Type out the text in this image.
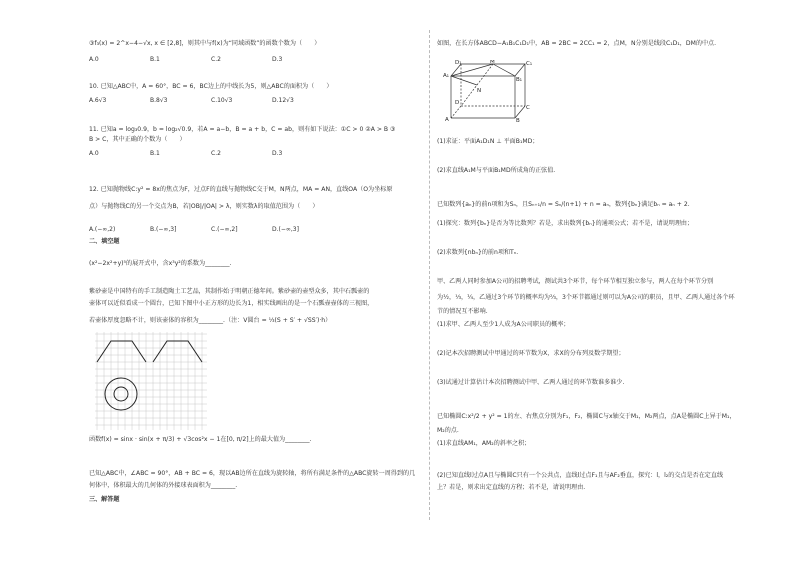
③f₃(x) = 2^x−4−√x, x ∈ [2,8]，则其中与f(x)为“同域函数”的函数个数为（　　）
A.0	B.1	C.2	D.3
10. 已知△ABC中，A = 60°，BC = 6，BC边上的中线长为5，则△ABC的面积为（　　）
A.6√3	B.8√3	C.10√3	D.12√3
11. 已知a = log₃0.9，b = log₂√0.9，若A = a−b，B = a + b，C = ab，则有如下说法：①C > 0 ②A > B ③
B > C，其中正确的个数为（　　）
A.0	B.1	C.2	D.3
12. 已知抛物线C:y² = 8x的焦点为F，过点F的直线与抛物线C交于M，N两点，MA = AN，直线OA（O为坐标原
点）与抛物线C的另一个交点为B，若|OB|/|OA| > λ，则实数λ的取值范围为（　　）
A.(−∞,2)	B.(−∞,3]	C.(−∞,2]	D.(−∞,3]
二、填空题
(x²−2x²+y)⁵的展开式中，含x³y²的系数为________.
紫砂壶是中国特有的手工制造陶土工艺品，其制作始于明朝正德年间。紫砂壶的壶型众多，其中石瓢壶的
壶体可以近似看成一个圆台，已知下图中小正方形的边长为1，相实线画出的是一个石瓢壶壶体的三视图，
若壶体厚度忽略不计，则该壶体的容积为________.（注：V圆台 = ⅓(S + S′ + √SS′)·h）
函数f(x) = sinx · sin(x + π/3) + √3cos²x − 1在[0, π/2]上的最大值为________.
已知△ABC中，∠ABC = 90°，AB + BC = 6，现以AB边所在直线为旋转轴，将所有满足条件的△ABC旋转一周得到的几
何体中，体积最大的几何体的外接球表面积为________.
三、解答题
如图，在长方体ABCD−A₁B₁C₁D₁中，AB = 2BC = 2CC₁ = 2，点M，N分别是线段C₁D₁，DM的中点.
D₁	C₁
A₁
B₁
M
N
D
C
A	B
(1)求证：平面A₁D₁N ⊥ 平面B₁MD；
(2)求直线A₁M与平面B₁MD所成角的正弦值.
已知数列{aₙ}的前n项和为Sₙ，且Sₙ₊₁/n = Sₙ/(n+1) + n = aₙ，数列{bₙ}满足bₙ = aₙ + 2.
(1)探究：数列{bₙ}是否为等比数列？若是，求出数列{bₙ}的通项公式；若不是，请说明理由；
(2)求数列{nbₙ}的前n项和Tₙ.
甲、乙两人同时参加A公司的招聘考试，测试共3个环节，每个环节相互独立参与，两人在每个环节分别
为½，⅓，¼，乙通过3个环节的概率均为⅔，3个环节都通过则可以为A公司的职员，且甲、乙两人通过各个环
节的情况互不影响.
(1)求甲、乙两人至少1人成为A公司职员的概率；
(2)记本次招聘测试中甲通过的环节数为X，求X的分布列及数学期望；
(3)试通过计算估计本次招聘测试中甲、乙两人通过的环节数谁多谁少.
已知椭圆C:x²/2 + y² = 1的左、右焦点分别为F₁，F₂，椭圆C与x轴交于M₁，M₂两点，点A是椭圆C上异于M₁，
M₂的点.
(1)求直线AM₁，AM₂的斜率之积；
(2)已知直线l过点A且与椭圆C只有一个公共点，直线l过点F₁且与AF₂垂直，探究：l，l₂的交点是否在定直线
上？若是，则求出定直线的方程；若不是，请说明理由.
